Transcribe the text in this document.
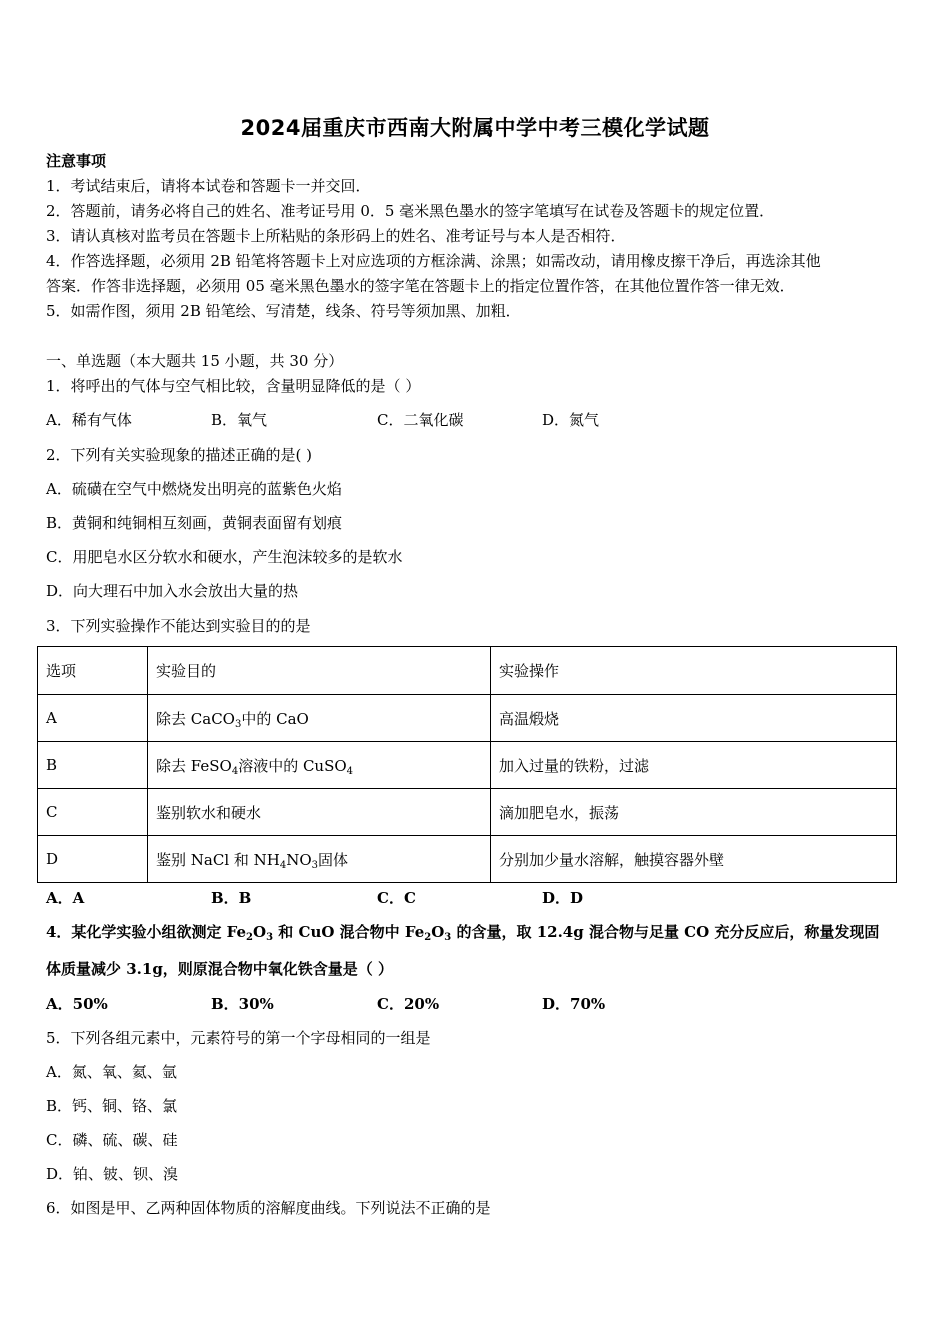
2024届重庆市西南大附属中学中考三模化学试题
注意事项
1．考试结束后，请将本试卷和答题卡一并交回．
2．答题前，请务必将自己的姓名、准考证号用 0．5 毫米黑色墨水的签字笔填写在试卷及答题卡的规定位置．
3．请认真核对监考员在答题卡上所粘贴的条形码上的姓名、准考证号与本人是否相符．
4．作答选择题，必须用 2B 铅笔将答题卡上对应选项的方框涂满、涂黑；如需改动，请用橡皮擦干净后，再选涂其他
答案．作答非选择题，必须用 05 毫米黑色墨水的签字笔在答题卡上的指定位置作答，在其他位置作答一律无效．
5．如需作图，须用 2B 铅笔绘、写清楚，线条、符号等须加黑、加粗．
一、单选题（本大题共 15 小题，共 30 分）
1．将呼出的气体与空气相比较，含量明显降低的是（ ）
A．稀有气体	B．氧气	C．二氧化碳	D．氮气
2．下列有关实验现象的描述正确的是( )
A．硫磺在空气中燃烧发出明亮的蓝紫色火焰
B．黄铜和纯铜相互刻画，黄铜表面留有划痕
C．用肥皂水区分软水和硬水，产生泡沫较多的是软水
D．向大理石中加入水会放出大量的热
3．下列实验操作不能达到实验目的的是
选项	实验目的	实验操作
A	除去 CaCO$_3$中的 CaO	高温煅烧
B	除去 FeSO$_4$溶液中的 CuSO$_4$	加入过量的铁粉，过滤
C	鉴别软水和硬水	滴加肥皂水，振荡
D	鉴别 NaCl 和 $NH_4NO_3$固体	分别加少量水溶解，触摸容器外壁
A．A	B．B	C．C	D．D
4．某化学实验小组欲测定 $Fe_2O_3$ 和 CuO 混合物中 $Fe_2O_3$ 的含量，取 12.4g 混合物与足量 CO 充分反应后，称量发现固
体质量减少 3.1g，则原混合物中氧化铁含量是（ ）
A．50%	B．30%	C．20%	D．70%
5．下列各组元素中，元素符号的第一个字母相同的一组是
A．氮、氧、氦、氩
B．钙、铜、铬、氯
C．磷、硫、碳、硅
D．铂、铍、钡、溴
6．如图是甲、乙两种固体物质的溶解度曲线。下列说法不正确的是
